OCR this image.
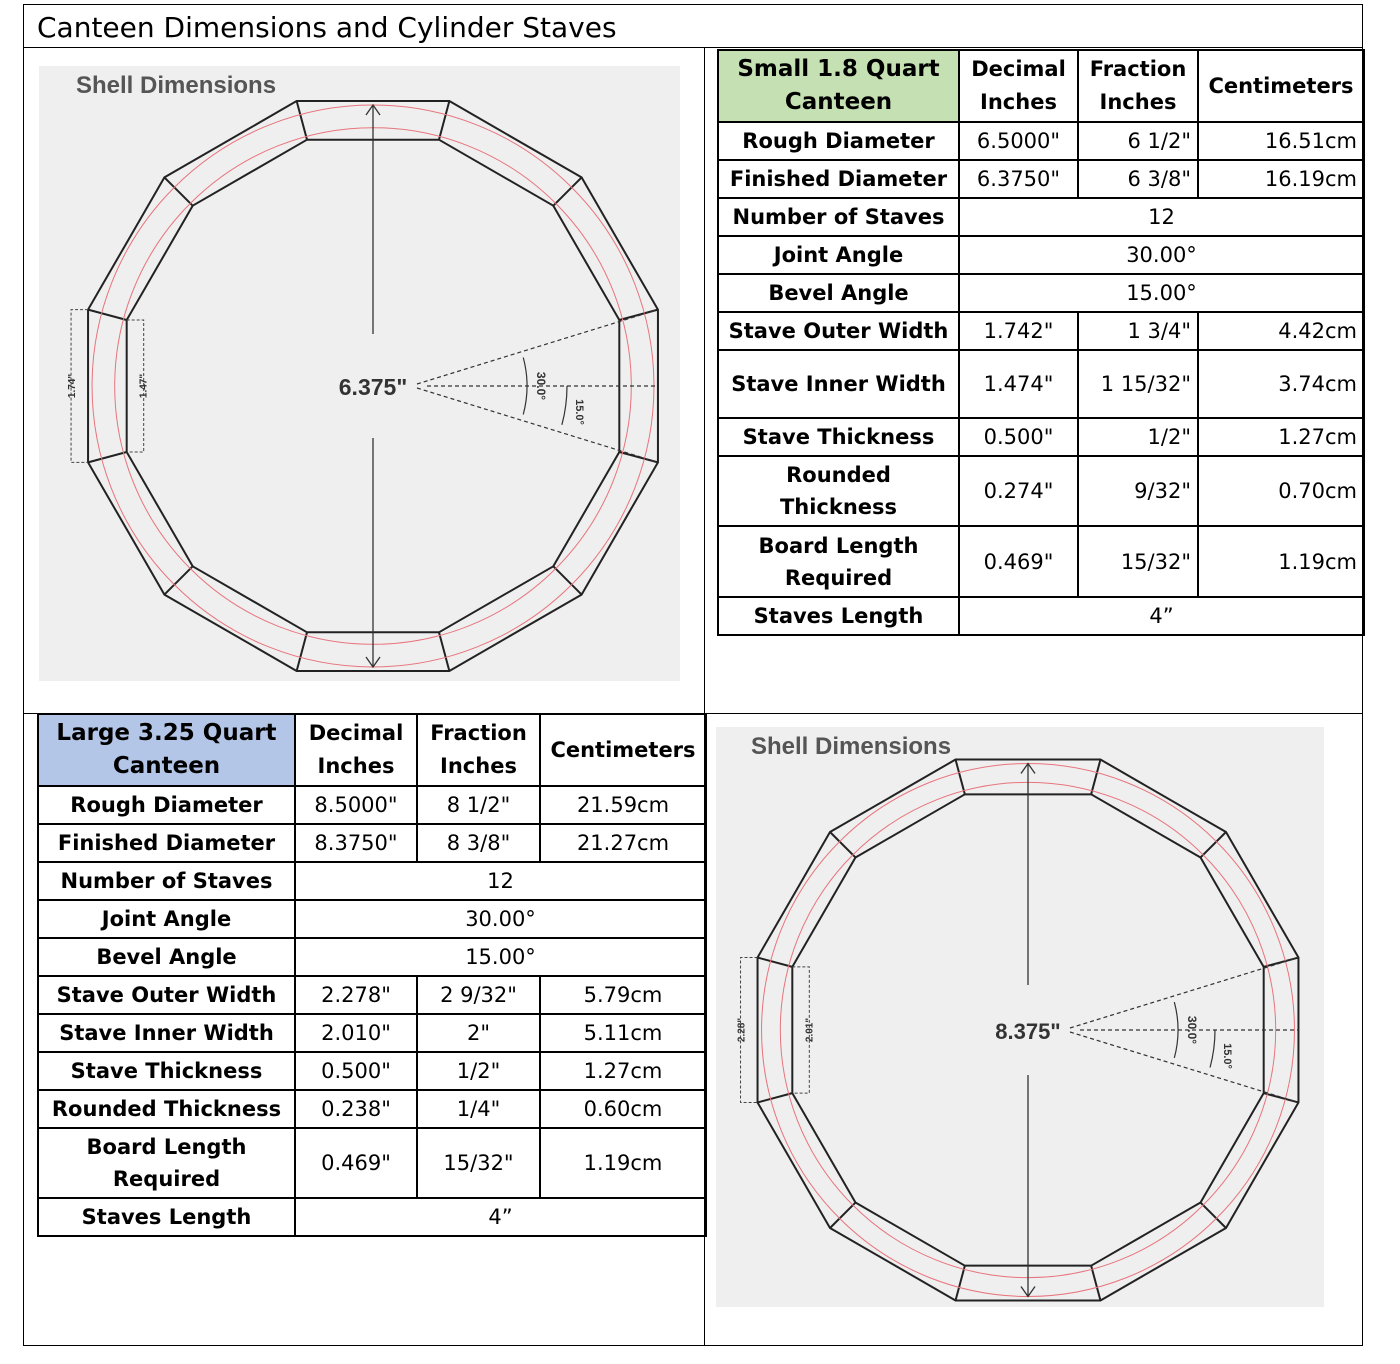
Canteen Dimensions and Cylinder Staves
Shell Dimensions
6.375"	30.0°
15.0°
1.74"	1.47"
Small 1.8 Quart Canteen	Decimal Inches	Fraction Inches	Centimeters
Rough Diameter	6.5000"	6 1/2"	16.51cm
Finished Diameter	6.3750"	6 3/8"	16.19cm
Number of Staves	12		
Joint Angle	30.00°		
Bevel Angle	15.00°		
Stave Outer Width	1.742"	1 3/4"	4.42cm
Stave Inner Width	1.474"	1 15/32"	3.74cm
Stave Thickness	0.500"	1/2"	1.27cm
Rounded Thickness	0.274"	9/32"	0.70cm
Board Length Required	0.469"	15/32"	1.19cm
Staves Length	4”		
Large 3.25 Quart Canteen	Decimal Inches	Fraction Inches	Centimeters
Rough Diameter	8.5000"	8 1/2"	21.59cm
Finished Diameter	8.3750"	8 3/8"	21.27cm
Number of Staves	12		
Joint Angle	30.00°		
Bevel Angle	15.00°		
Stave Outer Width	2.278"	2 9/32"	5.79cm
Stave Inner Width	2.010"	2"	5.11cm
Stave Thickness	0.500"	1/2"	1.27cm
Rounded Thickness	0.238"	1/4"	0.60cm
Board Length Required	0.469"	15/32"	1.19cm
Staves Length	4”		
Shell Dimensions
8.375"	30.0°
15.0°
2.28"	2.01"
